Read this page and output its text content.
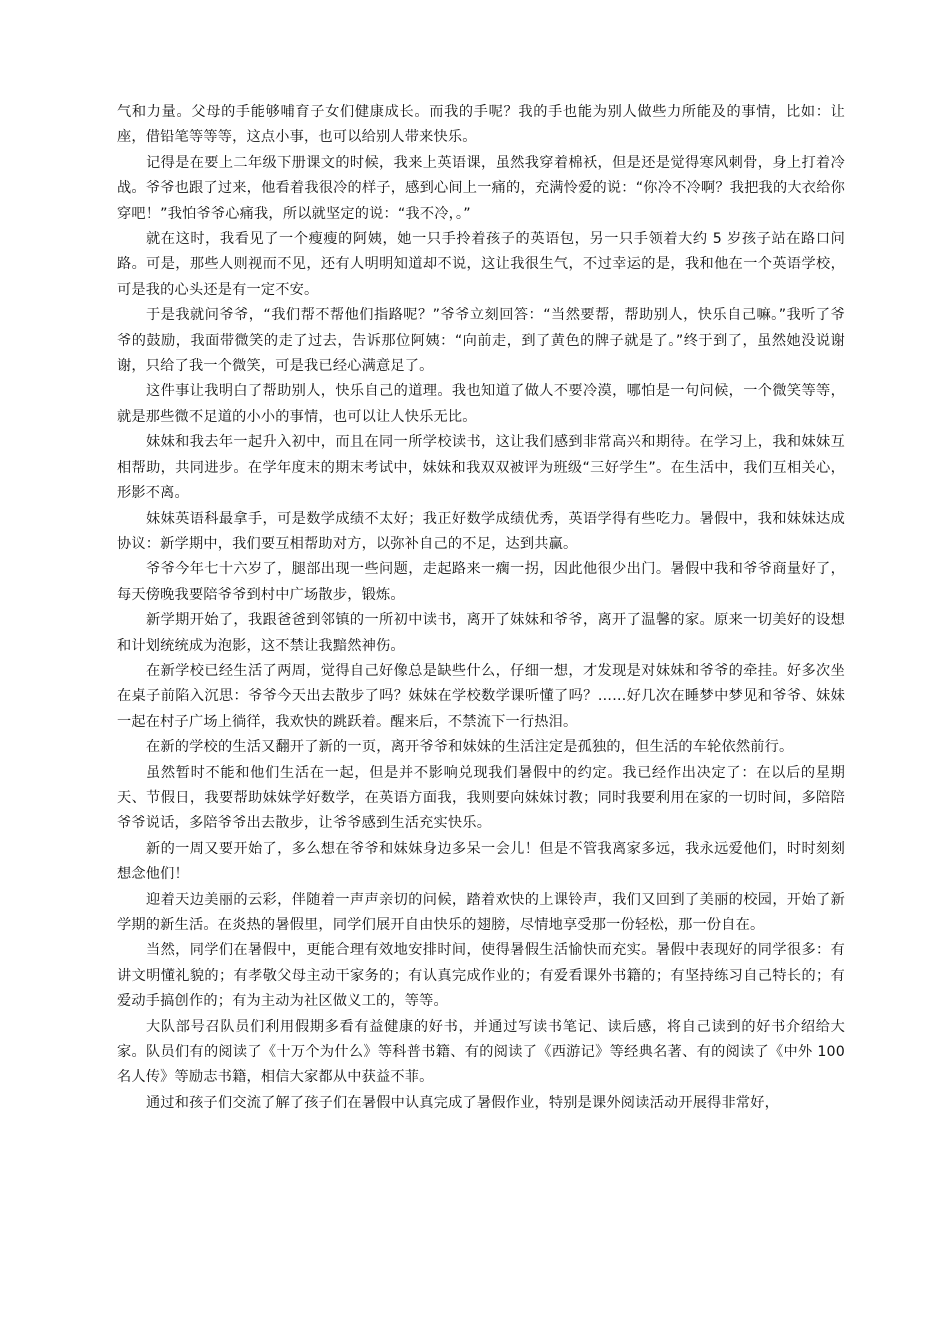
气和力量。父母的手能够哺育子女们健康成长。而我的手呢？我的手也能为别人做些力所能及的事情，比如：让座，借铅笔等等等，这点小事，也可以给别人带来快乐。

记得是在要上二年级下册课文的时候，我来上英语课，虽然我穿着棉袄，但是还是觉得寒风刺骨，身上打着冷战。爷爷也跟了过来，他看着我很冷的样子，感到心间上一痛的，充满怜爱的说：“你冷不冷啊？我把我的大衣给你穿吧！”我怕爷爷心痛我，所以就坚定的说：“我不冷，。”

就在这时，我看见了一个瘦瘦的阿姨，她一只手拎着孩子的英语包，另一只手领着大约 5 岁孩子站在路口问路。可是，那些人则视而不见，还有人明明知道却不说，这让我很生气，不过幸运的是，我和他在一个英语学校，可是我的心头还是有一定不安。

于是我就问爷爷，“我们帮不帮他们指路呢？”爷爷立刻回答：“当然要帮，帮助别人，快乐自己嘛。”我听了爷爷的鼓励，我面带微笑的走了过去，告诉那位阿姨：“向前走，到了黄色的牌子就是了。”终于到了，虽然她没说谢谢，只给了我一个微笑，可是我已经心满意足了。

这件事让我明白了帮助别人，快乐自己的道理。我也知道了做人不要冷漠，哪怕是一句问候，一个微笑等等，就是那些微不足道的小小的事情，也可以让人快乐无比。

妹妹和我去年一起升入初中，而且在同一所学校读书，这让我们感到非常高兴和期待。在学习上，我和妹妹互相帮助，共同进步。在学年度末的期末考试中，妹妹和我双双被评为班级“三好学生”。在生活中，我们互相关心，形影不离。

妹妹英语科最拿手，可是数学成绩不太好；我正好数学成绩优秀，英语学得有些吃力。暑假中，我和妹妹达成协议：新学期中，我们要互相帮助对方，以弥补自己的不足，达到共赢。

爷爷今年七十六岁了，腿部出现一些问题，走起路来一瘸一拐，因此他很少出门。暑假中我和爷爷商量好了，每天傍晚我要陪爷爷到村中广场散步，锻炼。

新学期开始了，我跟爸爸到邻镇的一所初中读书，离开了妹妹和爷爷，离开了温馨的家。原来一切美好的设想和计划统统成为泡影，这不禁让我黯然神伤。

在新学校已经生活了两周，觉得自己好像总是缺些什么，仔细一想，才发现是对妹妹和爷爷的牵挂。好多次坐在桌子前陷入沉思：爷爷今天出去散步了吗？妹妹在学校数学课听懂了吗？……好几次在睡梦中梦见和爷爷、妹妹一起在村子广场上徜徉，我欢快的跳跃着。醒来后，不禁流下一行热泪。

在新的学校的生活又翻开了新的一页，离开爷爷和妹妹的生活注定是孤独的，但生活的车轮依然前行。

虽然暂时不能和他们生活在一起，但是并不影响兑现我们暑假中的约定。我已经作出决定了：在以后的星期天、节假日，我要帮助妹妹学好数学，在英语方面我，我则要向妹妹讨教；同时我要利用在家的一切时间，多陪陪爷爷说话，多陪爷爷出去散步，让爷爷感到生活充实快乐。

新的一周又要开始了，多么想在爷爷和妹妹身边多呆一会儿！但是不管我离家多远，我永远爱他们，时时刻刻想念他们！

迎着天边美丽的云彩，伴随着一声声亲切的问候，踏着欢快的上课铃声，我们又回到了美丽的校园，开始了新学期的新生活。在炎热的暑假里，同学们展开自由快乐的翅膀，尽情地享受那一份轻松，那一份自在。

当然，同学们在暑假中，更能合理有效地安排时间，使得暑假生活愉快而充实。暑假中表现好的同学很多：有讲文明懂礼貌的；有孝敬父母主动干家务的；有认真完成作业的；有爱看课外书籍的；有坚持练习自己特长的；有爱动手搞创作的；有为主动为社区做义工的，等等。

大队部号召队员们利用假期多看有益健康的好书，并通过写读书笔记、读后感，将自己读到的好书介绍给大家。队员们有的阅读了《十万个为什么》等科普书籍、有的阅读了《西游记》等经典名著、有的阅读了《中外 100 名人传》等励志书籍，相信大家都从中获益不菲。

通过和孩子们交流了解了孩子们在暑假中认真完成了暑假作业，特别是课外阅读活动开展得非常好，
